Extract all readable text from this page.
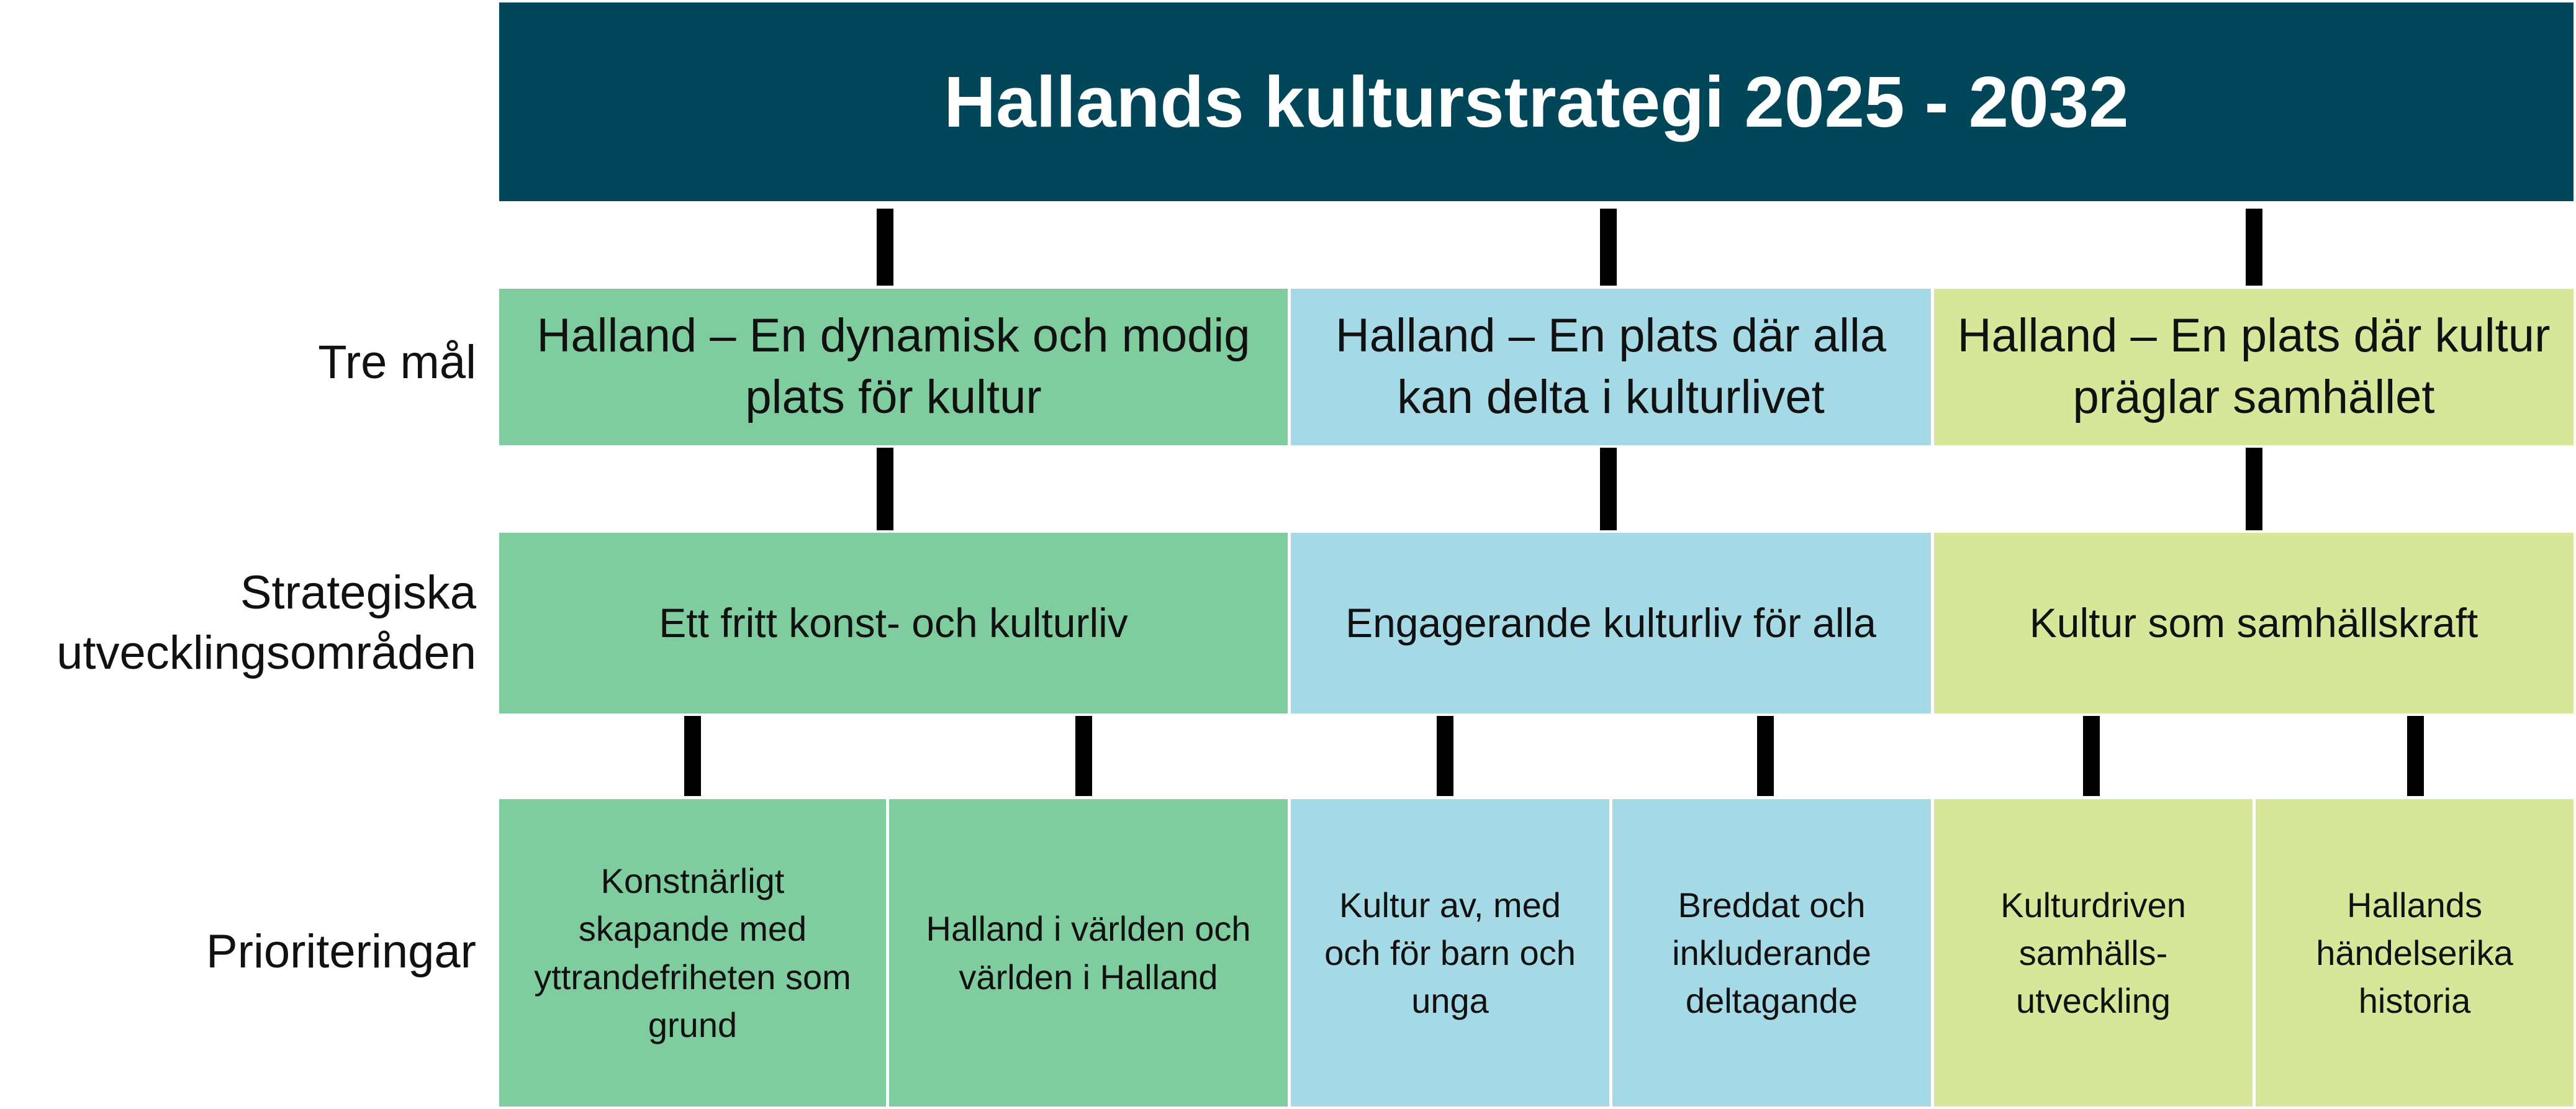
Hallands kulturstrategi 2025 - 2032
Tre mål
Strategiska
utvecklingsområden
Prioriteringar
Halland – En dynamisk och modig plats för kultur
Halland – En plats där alla kan delta i kulturlivet
Halland – En plats där kultur präglar samhället
Ett fritt konst- och kulturliv	Engagerande kulturliv för alla	Kultur som samhällskraft
Konstnärligt skapande med yttrandefriheten som grund
Halland i världen och världen i Halland
Kultur av, med och för barn och unga
Breddat och inkluderande deltagande
Kulturdriven samhälls-utveckling
Hallands händelserika historia
